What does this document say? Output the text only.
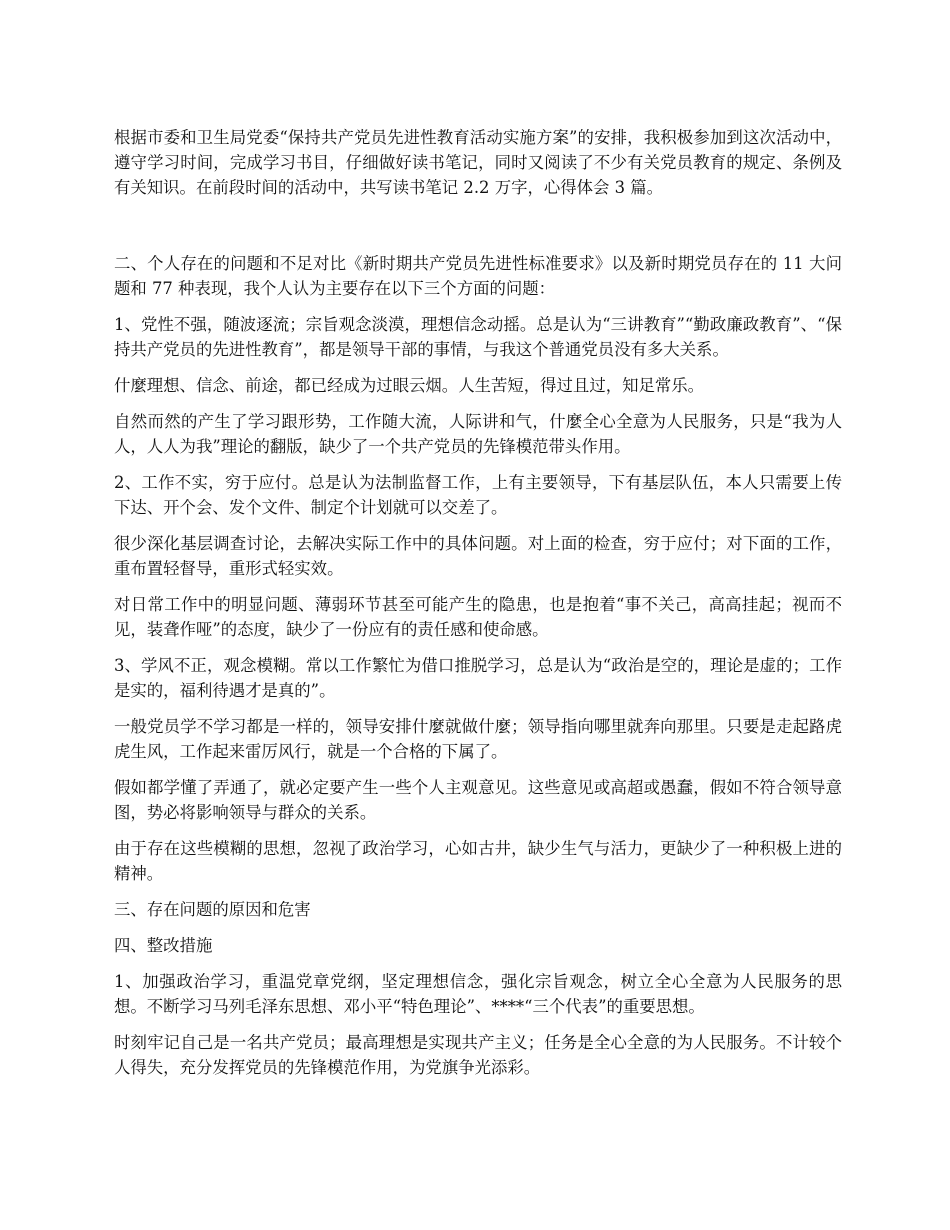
根据市委和卫生局党委“保持共产党员先进性教育活动实施方案”的安排，我积极参加到这次活动中，遵守学习时间，完成学习书目，仔细做好读书笔记，同时又阅读了不少有关党员教育的规定、条例及有关知识。在前段时间的活动中，共写读书笔记 2.2 万字，心得体会 3 篇。

二、个人存在的问题和不足对比《新时期共产党员先进性标准要求》以及新时期党员存在的 11 大问题和 77 种表现，我个人认为主要存在以下三个方面的问题：

1、党性不强，随波逐流；宗旨观念淡漠，理想信念动摇。总是认为“三讲教育”“勤政廉政教育”、“保持共产党员的先进性教育”，都是领导干部的事情，与我这个普通党员没有多大关系。

什麼理想、信念、前途，都已经成为过眼云烟。人生苦短，得过且过，知足常乐。

自然而然的产生了学习跟形势，工作随大流，人际讲和气，什麼全心全意为人民服务，只是“我为人人，人人为我”理论的翻版，缺少了一个共产党员的先锋模范带头作用。

2、工作不实，穷于应付。总是认为法制监督工作，上有主要领导，下有基层队伍，本人只需要上传下达、开个会、发个文件、制定个计划就可以交差了。

很少深化基层调查讨论，去解决实际工作中的具体问题。对上面的检查，穷于应付；对下面的工作，重布置轻督导，重形式轻实效。

对日常工作中的明显问题、薄弱环节甚至可能产生的隐患，也是抱着“事不关己，高高挂起；视而不见，装聋作哑”的态度，缺少了一份应有的责任感和使命感。

3、学风不正，观念模糊。常以工作繁忙为借口推脱学习，总是认为“政治是空的，理论是虚的；工作是实的，福利待遇才是真的”。

一般党员学不学习都是一样的，领导安排什麼就做什麼；领导指向哪里就奔向那里。只要是走起路虎虎生风，工作起来雷厉风行，就是一个合格的下属了。

假如都学懂了弄通了，就必定要产生一些个人主观意见。这些意见或高超或愚蠢，假如不符合领导意图，势必将影响领导与群众的关系。

由于存在这些模糊的思想，忽视了政治学习，心如古井，缺少生气与活力，更缺少了一种积极上进的精神。

三、存在问题的原因和危害

四、整改措施

1、加强政治学习，重温党章党纲，坚定理想信念，强化宗旨观念，树立全心全意为人民服务的思想。不断学习马列毛泽东思想、邓小平“特色理论”、****“三个代表”的重要思想。

时刻牢记自己是一名共产党员；最高理想是实现共产主义；任务是全心全意的为人民服务。不计较个人得失，充分发挥党员的先锋模范作用，为党旗争光添彩。
